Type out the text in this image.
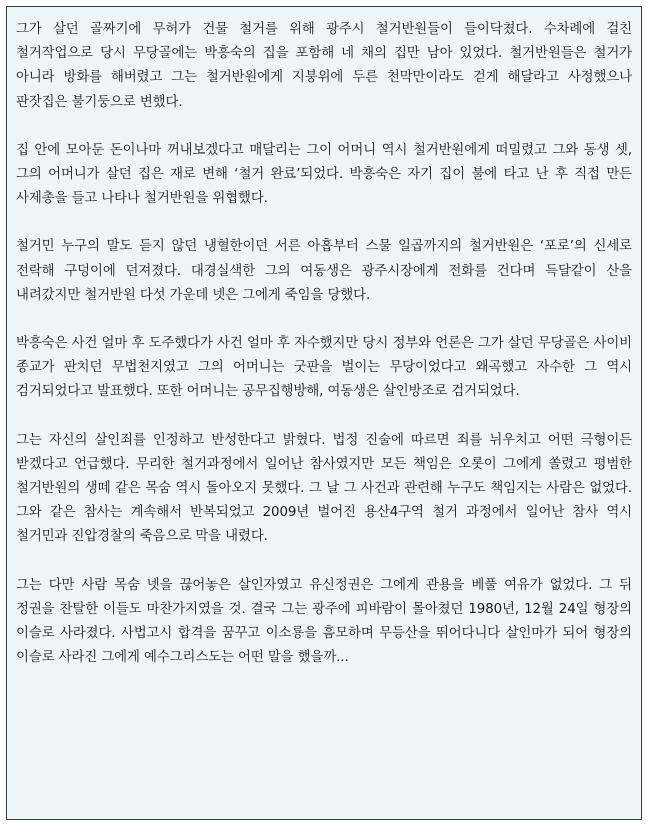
그가 살던 골짜기에 무허가 건물 철거를 위해 광주시 철거반원들이 들이닥쳤다. 수차례에 걸친 철거작업으로 당시 무당골에는 박흥숙의 집을 포함해 네 채의 집만 남아 있었다. 철거반원들은 철거가 아니라 방화를 해버렸고 그는 철거반원에게 지붕위에 두른 천막만이라도 걷게 해달라고 사정했으나 판잣집은 불기둥으로 변했다.

집 안에 모아둔 돈이나마 꺼내보겠다고 매달리는 그이 어머니 역시 철거반원에게 떠밀렸고 그와 동생 셋, 그의 어머니가 살던 집은 재로 변해 ‘철거 완료’되었다. 박흥숙은 자기 집이 불에 타고 난 후 직접 만든 사제총을 들고 나타나 철거반원을 위협했다.

철거민 누구의 말도 듣지 않던 냉혈한이던 서른 아홉부터 스물 일곱까지의 철거반원은 ‘포로’의 신세로 전락해 구덩이에 던져졌다. 대경실색한 그의 여동생은 광주시장에게 전화를 건다며 득달같이 산을 내려갔지만 철거반원 다섯 가운데 넷은 그에게 죽임을 당했다.

박흥숙은 사건 얼마 후 도주했다가 사건 얼마 후 자수했지만 당시 정부와 언론은 그가 살던 무당골은 사이비 종교가 판치던 무법천지였고 그의 어머니는 굿판을 벌이는 무당이었다고 왜곡했고 자수한 그 역시 검거되었다고 발표했다. 또한 어머니는 공무집행방해, 여동생은 살인방조로 검거되었다.

그는 자신의 살인죄를 인정하고 반성한다고 밝혔다. 법정 진술에 따르면 죄를 뉘우치고 어떤 극형이든 받겠다고 언급했다. 무리한 철거과정에서 일어난 참사였지만 모든 책임은 오롯이 그에게 쏠렸고 평범한 철거반원의 생떼 같은 목숨 역시 돌아오지 못했다. 그 날 그 사건과 관련해 누구도 책임지는 사람은 없었다. 그와 같은 참사는 계속해서 반복되었고 2009년 벌어진 용산4구역 철거 과정에서 일어난 참사 역시 철거민과 진압경찰의 죽음으로 막을 내렸다.

그는 다만 사람 목숨 넷을 끊어놓은 살인자였고 유신정권은 그에게 관용을 베풀 여유가 없었다. 그 뒤 정권을 찬탈한 이들도 마찬가지였을 것. 결국 그는 광주에 피바람이 몰아쳤던 1980년, 12월 24일 형장의 이슬로 사라졌다. 사법고시 합격을 꿈꾸고 이소룡을 흠모하며 무등산을 뛰어다니다 살인마가 되어 형장의 이슬로 사라진 그에게 예수그리스도는 어떤 말을 했을까...
